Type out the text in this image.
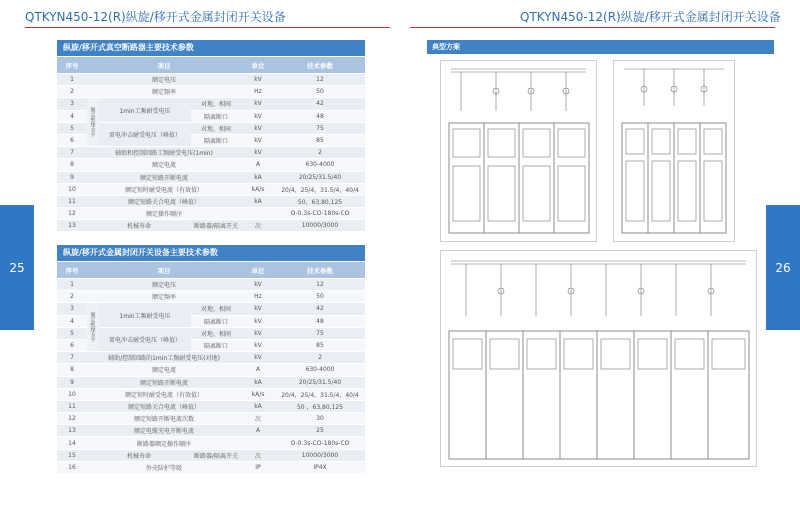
QTKYN450-12(R)纵旋/移开式金属封闭开关设备	QTKYN450-12(R)纵旋/移开式金属封闭开关设备
25	26
纵旋/移开式真空断路器主要技术参数
序号	项目			单位	技术参数
1	额定电压			kV	12
2	额定频率			Hz	50
3	额定绝缘水平	1min工频耐受电压	对地、相间	kV	42
4			隔离断口	kV	48
5		雷电冲击耐受电压（峰值）	对地、相间	kV	75
6			隔离断口	kV	85
7	辅助和控制回路工频耐受电压(1min)			kV	2
8	额定电流			A	630-4000
9	额定短路开断电流			kA	20/25/31.5/40
10	额定短时耐受电流（有效值）			kA/s	20/4，25/4，31.5/4，40/4
11	额定短路关合电流（峰值）			kA	50，63,80,125
12	额定操作顺序				O-0.3s-CO-180s-CO
13	机械寿命		断路器/隔离开关	次	10000/3000
纵旋/移开式金属封闭开关设备主要技术参数
序号	项目			单位	技术参数
1	额定电压			kV	12
2	额定频率			Hz	50
3	额定绝缘水平	1min工频耐受电压	对地、相间	kV	42
4			隔离断口	kV	48
5		雷电冲击耐受电压（峰值）	对地、相间	kV	75
6			隔离断口	kV	85
7	辅助/控制回路的1min工频耐受电压(对地)			kV	2
8	额定电流			A	630-4000
9	额定短路开断电流			kA	20/25/31.5/40
10	额定短时耐受电流（有效值）			kA/s	20/4，25/4，31.5/4，40/4
11	额定短路关合电流（峰值）			kA	50 ，63,80,125
12	额定短路开断电流次数			次	30
13	额定电缆充电开断电流			A	25
14	断路器额定操作顺序				O-0.3s-CO-180s-CO
15	机械寿命		断路器/隔离开关	次	10000/3000
16	外壳防护等级			IP	IP4X
典型方案
